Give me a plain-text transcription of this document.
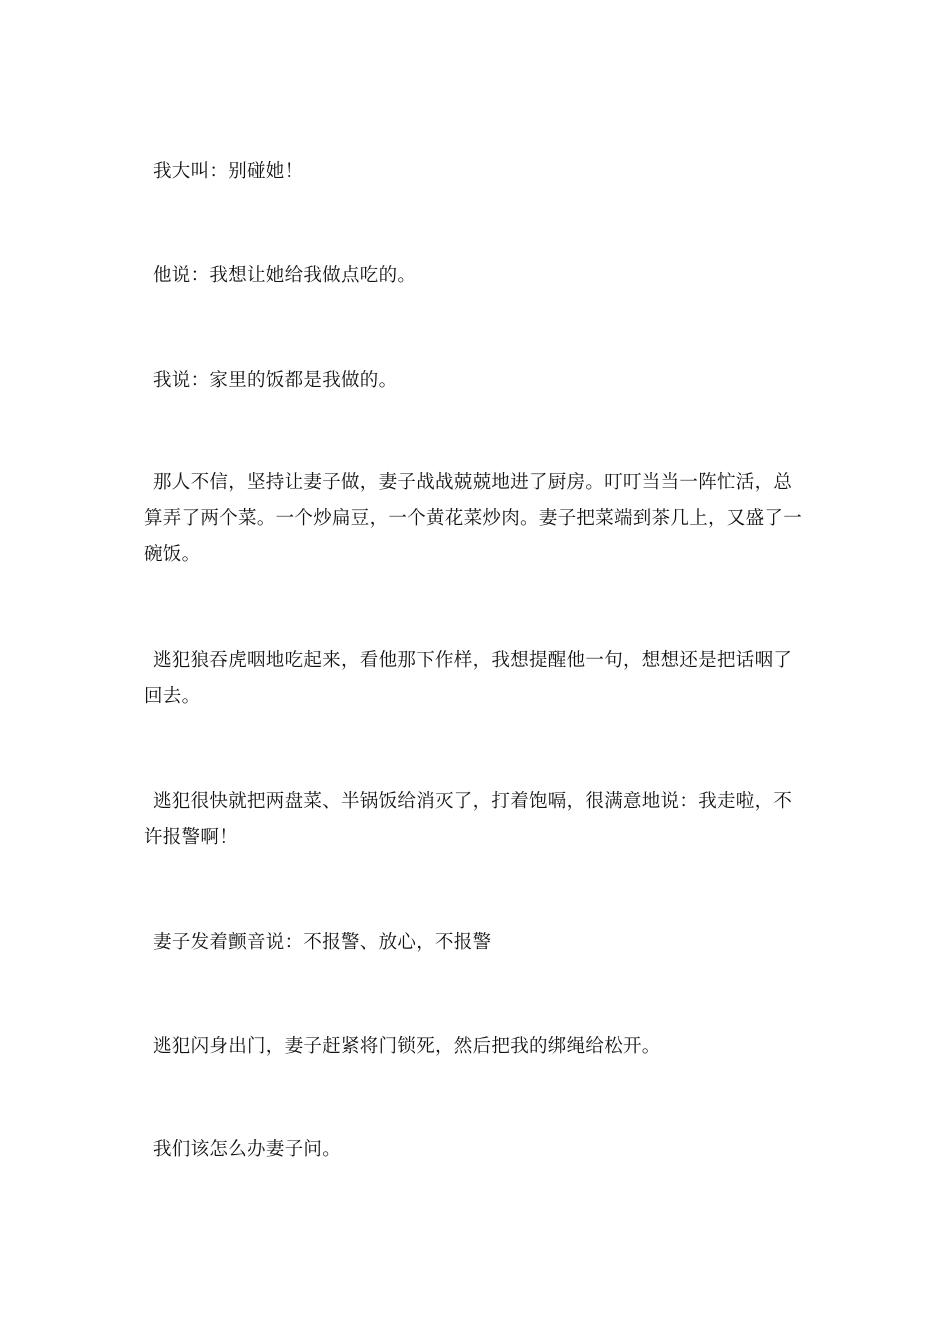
我大叫：别碰她！

他说：我想让她给我做点吃的。

我说：家里的饭都是我做的。

那人不信，坚持让妻子做，妻子战战兢兢地进了厨房。叮叮当当一阵忙活，总算弄了两个菜。一个炒扁豆，一个黄花菜炒肉。妻子把菜端到茶几上，又盛了一碗饭。

逃犯狼吞虎咽地吃起来，看他那下作样，我想提醒他一句，想想还是把话咽了回去。

逃犯很快就把两盘菜、半锅饭给消灭了，打着饱嗝，很满意地说：我走啦，不许报警啊！

妻子发着颤音说：不报警、放心，不报警

逃犯闪身出门，妻子赶紧将门锁死，然后把我的绑绳给松开。

我们该怎么办妻子问。
